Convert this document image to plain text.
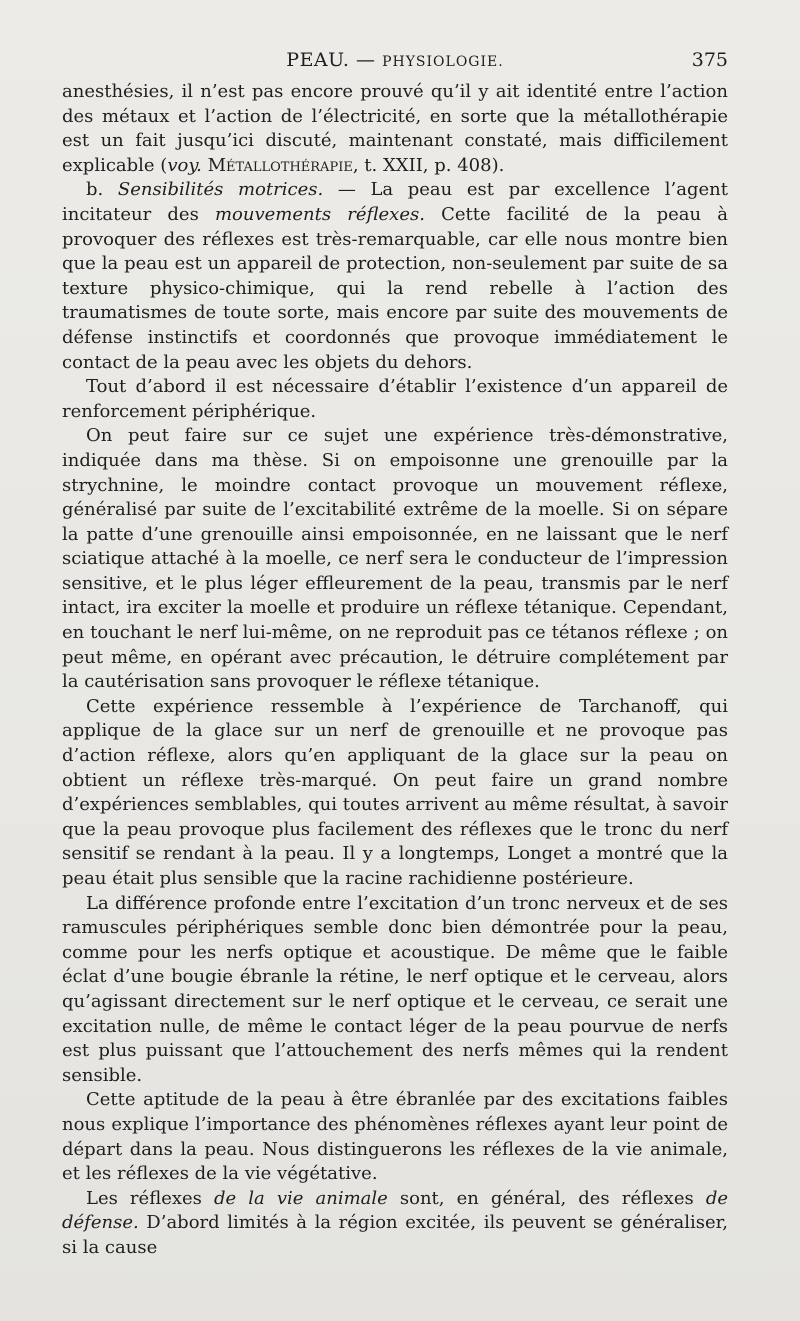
PEAU. — PHYSIOLOGIE.	375

anesthésies, il n’est pas encore prouvé qu’il y ait identité entre l’action des métaux et l’action de l’électricité, en sorte que la métallothérapie est un fait jusqu’ici discuté, maintenant constaté, mais difficilement explicable (voy. Métallothérapie, t. XXII, p. 408).

b. Sensibilités motrices. — La peau est par excellence l’agent incitateur des mouvements réflexes. Cette facilité de la peau à provoquer des réflexes est très-remarquable, car elle nous montre bien que la peau est un appareil de protection, non-seulement par suite de sa texture physico-chimique, qui la rend rebelle à l’action des traumatismes de toute sorte, mais encore par suite des mouvements de défense instinctifs et coordonnés que provoque immédiatement le contact de la peau avec les objets du dehors.

Tout d’abord il est nécessaire d’établir l’existence d’un appareil de renforcement périphérique.

On peut faire sur ce sujet une expérience très-démonstrative, indiquée dans ma thèse. Si on empoisonne une grenouille par la strychnine, le moindre contact provoque un mouvement réflexe, généralisé par suite de l’excitabilité extrême de la moelle. Si on sépare la patte d’une grenouille ainsi empoisonnée, en ne laissant que le nerf sciatique attaché à la moelle, ce nerf sera le conducteur de l’impression sensitive, et le plus léger effleurement de la peau, transmis par le nerf intact, ira exciter la moelle et produire un réflexe tétanique. Cependant, en touchant le nerf lui-même, on ne reproduit pas ce tétanos réflexe ; on peut même, en opérant avec précaution, le détruire complétement par la cautérisation sans provoquer le réflexe tétanique.

Cette expérience ressemble à l’expérience de Tarchanoff, qui applique de la glace sur un nerf de grenouille et ne provoque pas d’action réflexe, alors qu’en appliquant de la glace sur la peau on obtient un réflexe très-marqué. On peut faire un grand nombre d’expériences semblables, qui toutes arrivent au même résultat, à savoir que la peau provoque plus facilement des réflexes que le tronc du nerf sensitif se rendant à la peau. Il y a longtemps, Longet a montré que la peau était plus sensible que la racine rachidienne postérieure.

La différence profonde entre l’excitation d’un tronc nerveux et de ses ramuscules périphériques semble donc bien démontrée pour la peau, comme pour les nerfs optique et acoustique. De même que le faible éclat d’une bougie ébranle la rétine, le nerf optique et le cerveau, alors qu’agissant directement sur le nerf optique et le cerveau, ce serait une excitation nulle, de même le contact léger de la peau pourvue de nerfs est plus puissant que l’attouchement des nerfs mêmes qui la rendent sensible.

Cette aptitude de la peau à être ébranlée par des excitations faibles nous explique l’importance des phénomènes réflexes ayant leur point de départ dans la peau. Nous distinguerons les réflexes de la vie animale, et les réflexes de la vie végétative.

Les réflexes de la vie animale sont, en général, des réflexes de défense. D’abord limités à la région excitée, ils peuvent se généraliser, si la cause
